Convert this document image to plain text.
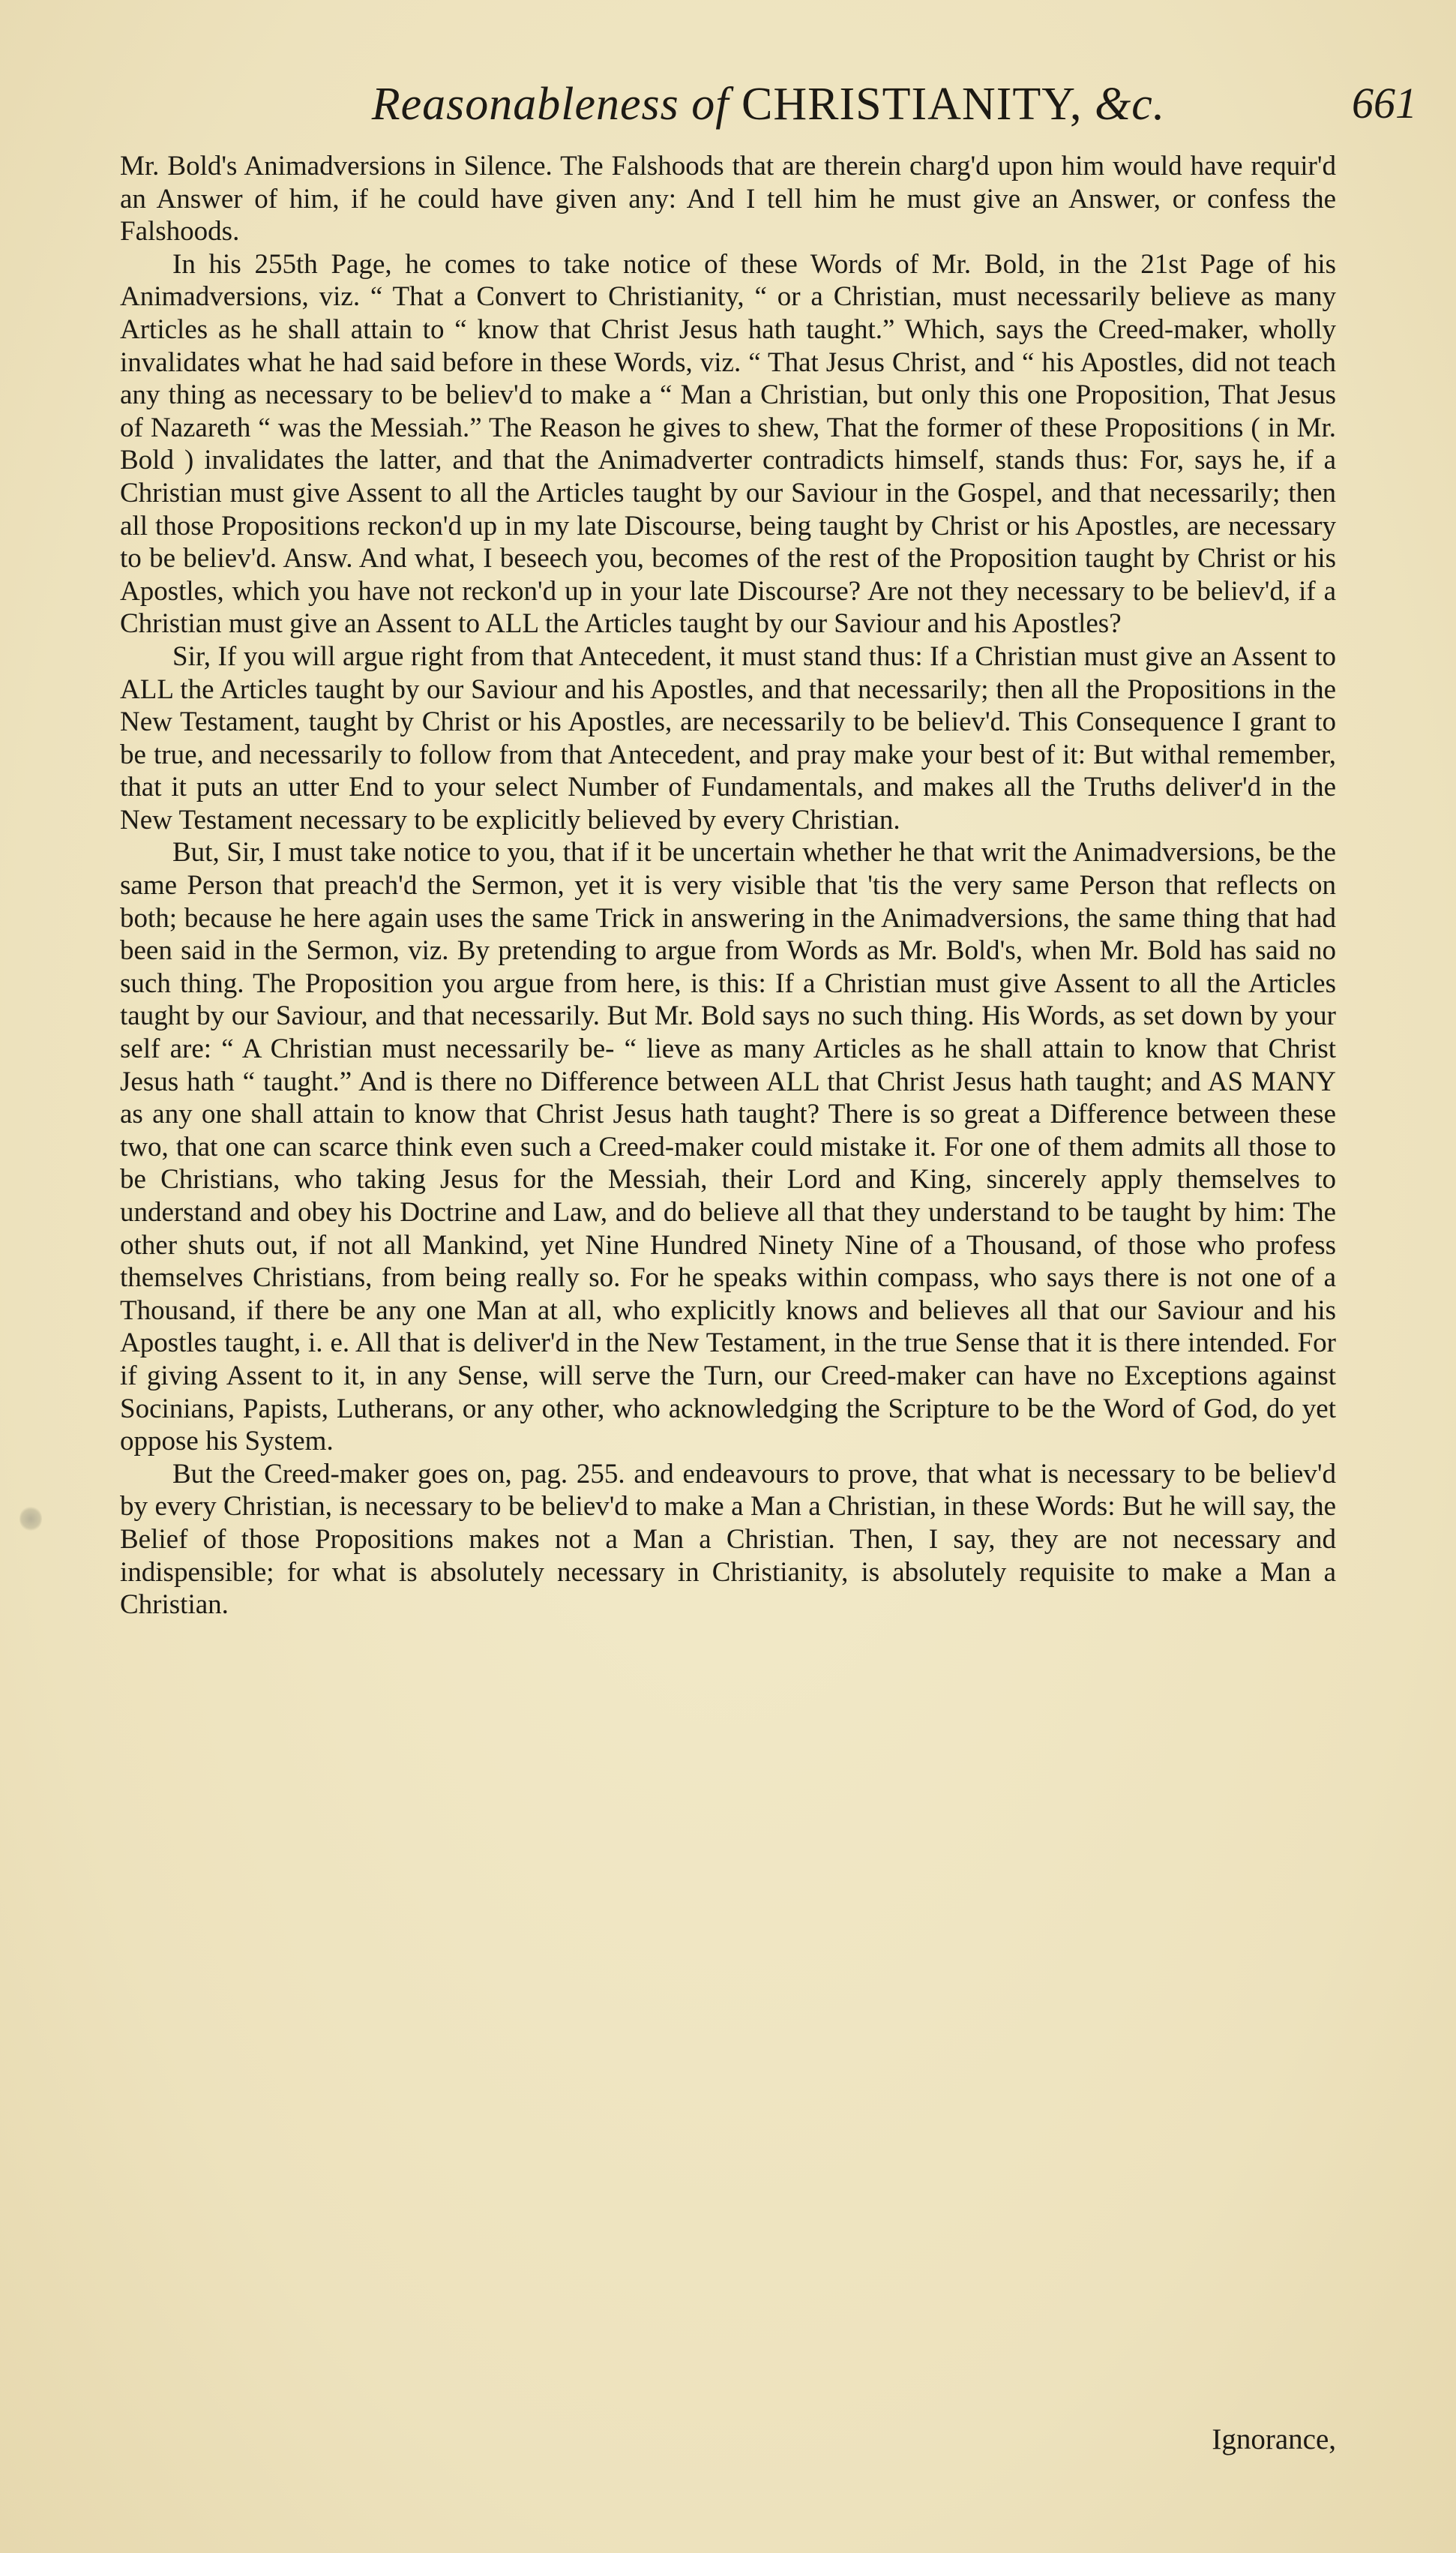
Reasonableness of CHRISTIANITY, &c.	661

Mr. Bold's Animadversions in Silence. The Falshoods that are therein charg'd upon him would have requir'd an Answer of him, if he could have given any: And I tell him he must give an Answer, or confess the Falshoods.

In his 255th Page, he comes to take notice of these Words of Mr. Bold, in the 21st Page of his Animadversions, viz. “ That a Convert to Christianity, “ or a Christian, must necessarily believe as many Articles as he shall attain to “ know that Christ Jesus hath taught.” Which, says the Creed-maker, wholly invalidates what he had said before in these Words, viz. “ That Jesus Christ, and “ his Apostles, did not teach any thing as necessary to be believ'd to make a “ Man a Christian, but only this one Proposition, That Jesus of Nazareth “ was the Messiah.” The Reason he gives to shew, That the former of these Propositions ( in Mr. Bold ) invalidates the latter, and that the Animadverter contradicts himself, stands thus: For, says he, if a Christian must give Assent to all the Articles taught by our Saviour in the Gospel, and that necessarily; then all those Propositions reckon'd up in my late Discourse, being taught by Christ or his Apostles, are necessary to be believ'd. Answ. And what, I beseech you, becomes of the rest of the Proposition taught by Christ or his Apostles, which you have not reckon'd up in your late Discourse? Are not they necessary to be believ'd, if a Christian must give an Assent to ALL the Articles taught by our Saviour and his Apostles?

Sir, If you will argue right from that Antecedent, it must stand thus: If a Christian must give an Assent to ALL the Articles taught by our Saviour and his Apostles, and that necessarily; then all the Propositions in the New Testament, taught by Christ or his Apostles, are necessarily to be believ'd. This Consequence I grant to be true, and necessarily to follow from that Antecedent, and pray make your best of it: But withal remember, that it puts an utter End to your select Number of Fundamentals, and makes all the Truths deliver'd in the New Testament necessary to be explicitly believed by every Christian.

But, Sir, I must take notice to you, that if it be uncertain whether he that writ the Animadversions, be the same Person that preach'd the Sermon, yet it is very visible that 'tis the very same Person that reflects on both; because he here again uses the same Trick in answering in the Animadversions, the same thing that had been said in the Sermon, viz. By pretending to argue from Words as Mr. Bold's, when Mr. Bold has said no such thing. The Proposition you argue from here, is this: If a Christian must give Assent to all the Articles taught by our Saviour, and that necessarily. But Mr. Bold says no such thing. His Words, as set down by your self are: “ A Christian must necessarily be- “ lieve as many Articles as he shall attain to know that Christ Jesus hath “ taught.” And is there no Difference between ALL that Christ Jesus hath taught; and AS MANY as any one shall attain to know that Christ Jesus hath taught? There is so great a Difference between these two, that one can scarce think even such a Creed-maker could mistake it. For one of them admits all those to be Christians, who taking Jesus for the Messiah, their Lord and King, sincerely apply themselves to understand and obey his Doctrine and Law, and do believe all that they understand to be taught by him: The other shuts out, if not all Mankind, yet Nine Hundred Ninety Nine of a Thousand, of those who profess themselves Christians, from being really so. For he speaks within compass, who says there is not one of a Thousand, if there be any one Man at all, who explicitly knows and believes all that our Saviour and his Apostles taught, i. e. All that is deliver'd in the New Testament, in the true Sense that it is there intended. For if giving Assent to it, in any Sense, will serve the Turn, our Creed-maker can have no Exceptions against Socinians, Papists, Lutherans, or any other, who acknowledging the Scripture to be the Word of God, do yet oppose his System.

But the Creed-maker goes on, pag. 255. and endeavours to prove, that what is necessary to be believ'd by every Christian, is necessary to be believ'd to make a Man a Christian, in these Words: But he will say, the Belief of those Propositions makes not a Man a Christian. Then, I say, they are not necessary and indispensible; for what is absolutely necessary in Christianity, is absolutely requisite to make a Man a Christian.

Ignorance,
